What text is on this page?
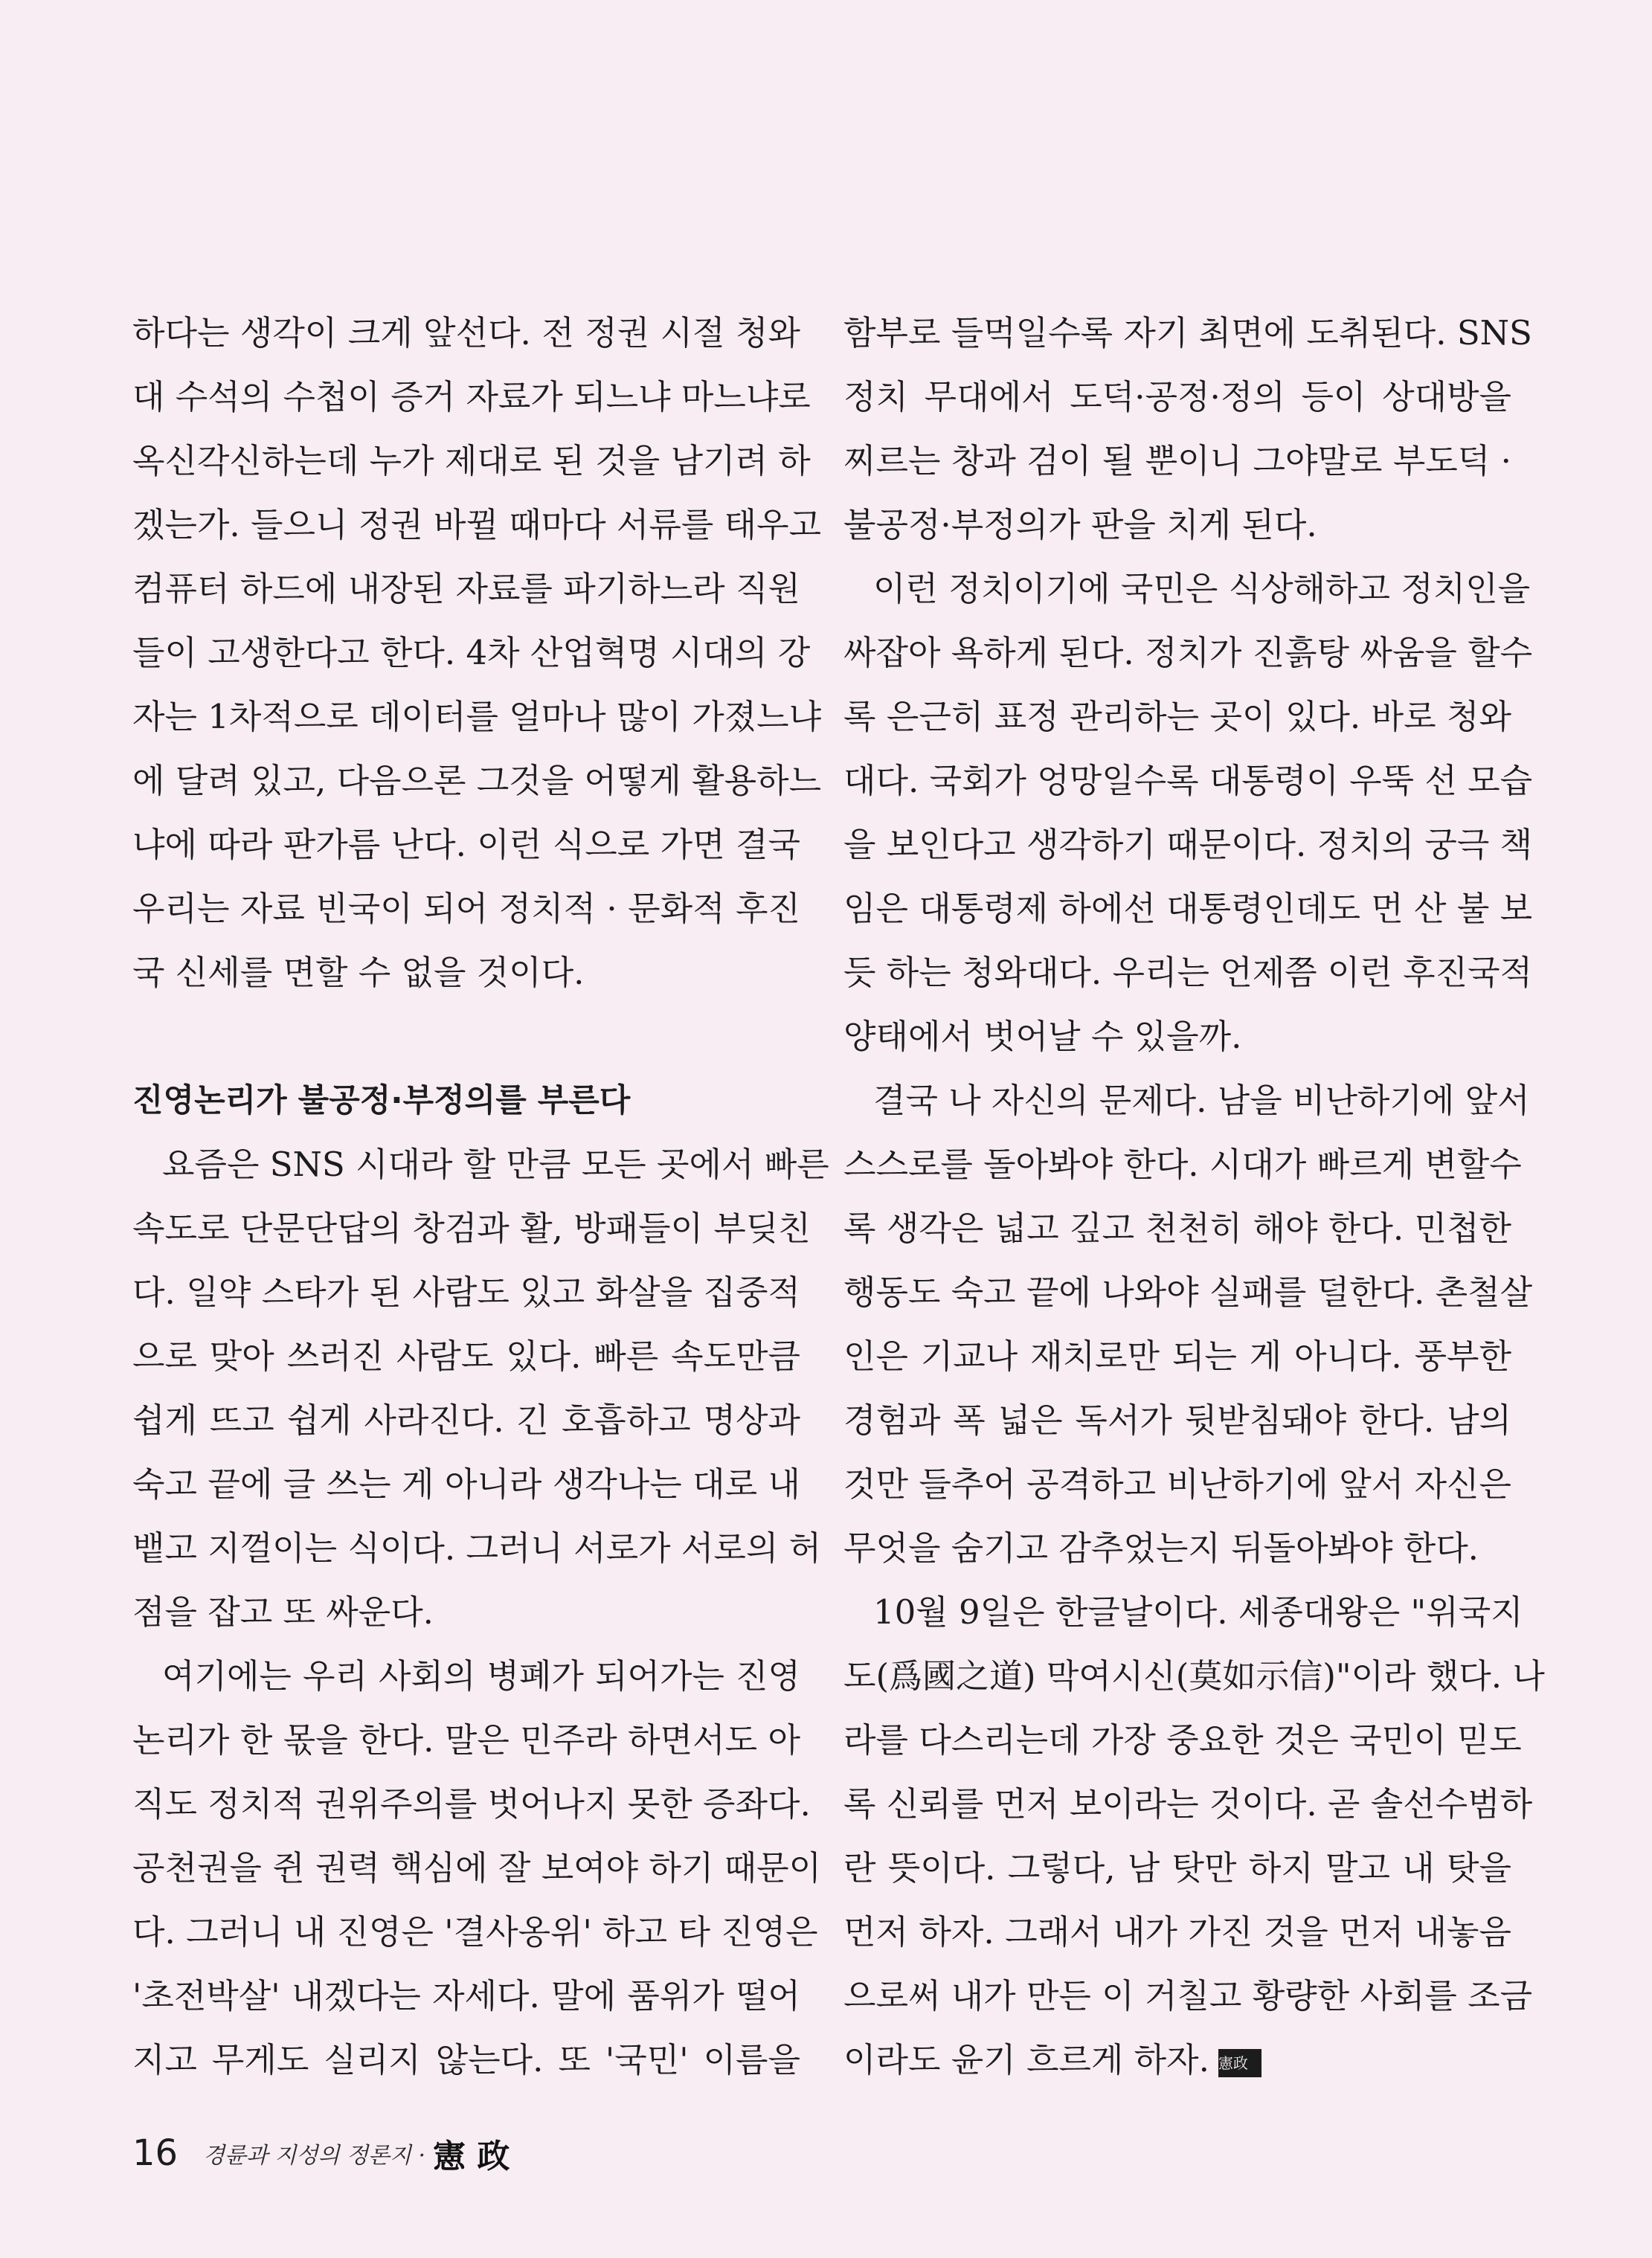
하다는 생각이 크게 앞선다. 전 정권 시절 청와
대 수석의 수첩이 증거 자료가 되느냐 마느냐로
옥신각신하는데 누가 제대로 된 것을 남기려 하
겠는가. 들으니 정권 바뀔 때마다 서류를 태우고
컴퓨터 하드에 내장된 자료를 파기하느라 직원
들이 고생한다고 한다. 4차 산업혁명 시대의 강
자는 1차적으로 데이터를 얼마나 많이 가졌느냐
에 달려 있고, 다음으론 그것을 어떻게 활용하느
냐에 따라 판가름 난다. 이런 식으로 가면 결국
우리는 자료 빈국이 되어 정치적 · 문화적 후진
국 신세를 면할 수 없을 것이다.
진영논리가 불공정·부정의를 부른다
요즘은 SNS 시대라 할 만큼 모든 곳에서 빠른
속도로 단문단답의 창검과 활, 방패들이 부딪친
다. 일약 스타가 된 사람도 있고 화살을 집중적
으로 맞아 쓰러진 사람도 있다. 빠른 속도만큼
쉽게 뜨고 쉽게 사라진다. 긴 호흡하고 명상과
숙고 끝에 글 쓰는 게 아니라 생각나는 대로 내
뱉고 지껄이는 식이다. 그러니 서로가 서로의 허
점을 잡고 또 싸운다.
여기에는 우리 사회의 병폐가 되어가는 진영
논리가 한 몫을 한다. 말은 민주라 하면서도 아
직도 정치적 권위주의를 벗어나지 못한 증좌다.
공천권을 쥔 권력 핵심에 잘 보여야 하기 때문이
다. 그러니 내 진영은 '결사옹위' 하고 타 진영은
'초전박살' 내겠다는 자세다. 말에 품위가 떨어
지고 무게도 실리지 않는다. 또 '국민' 이름을
함부로 들먹일수록 자기 최면에 도취된다. SNS
정치 무대에서 도덕·공정·정의 등이 상대방을
찌르는 창과 검이 될 뿐이니 그야말로 부도덕 ·
불공정·부정의가 판을 치게 된다.
이런 정치이기에 국민은 식상해하고 정치인을
싸잡아 욕하게 된다. 정치가 진흙탕 싸움을 할수
록 은근히 표정 관리하는 곳이 있다. 바로 청와
대다. 국회가 엉망일수록 대통령이 우뚝 선 모습
을 보인다고 생각하기 때문이다. 정치의 궁극 책
임은 대통령제 하에선 대통령인데도 먼 산 불 보
듯 하는 청와대다. 우리는 언제쯤 이런 후진국적
양태에서 벗어날 수 있을까.
결국 나 자신의 문제다. 남을 비난하기에 앞서
스스로를 돌아봐야 한다. 시대가 빠르게 변할수
록 생각은 넓고 깊고 천천히 해야 한다. 민첩한
행동도 숙고 끝에 나와야 실패를 덜한다. 촌철살
인은 기교나 재치로만 되는 게 아니다. 풍부한
경험과 폭 넓은 독서가 뒷받침돼야 한다. 남의
것만 들추어 공격하고 비난하기에 앞서 자신은
무엇을 숨기고 감추었는지 뒤돌아봐야 한다.
10월 9일은 한글날이다. 세종대왕은 "위국지
도(爲國之道) 막여시신(莫如示信)"이라 했다. 나
라를 다스리는데 가장 중요한 것은 국민이 믿도
록 신뢰를 먼저 보이라는 것이다. 곧 솔선수범하
란 뜻이다. 그렇다, 남 탓만 하지 말고 내 탓을
먼저 하자. 그래서 내가 가진 것을 먼저 내놓음
으로써 내가 만든 이 거칠고 황량한 사회를 조금
이라도 윤기 흐르게 하자. 憲政
16 경륜과 지성의 정론지 · 憲 政
